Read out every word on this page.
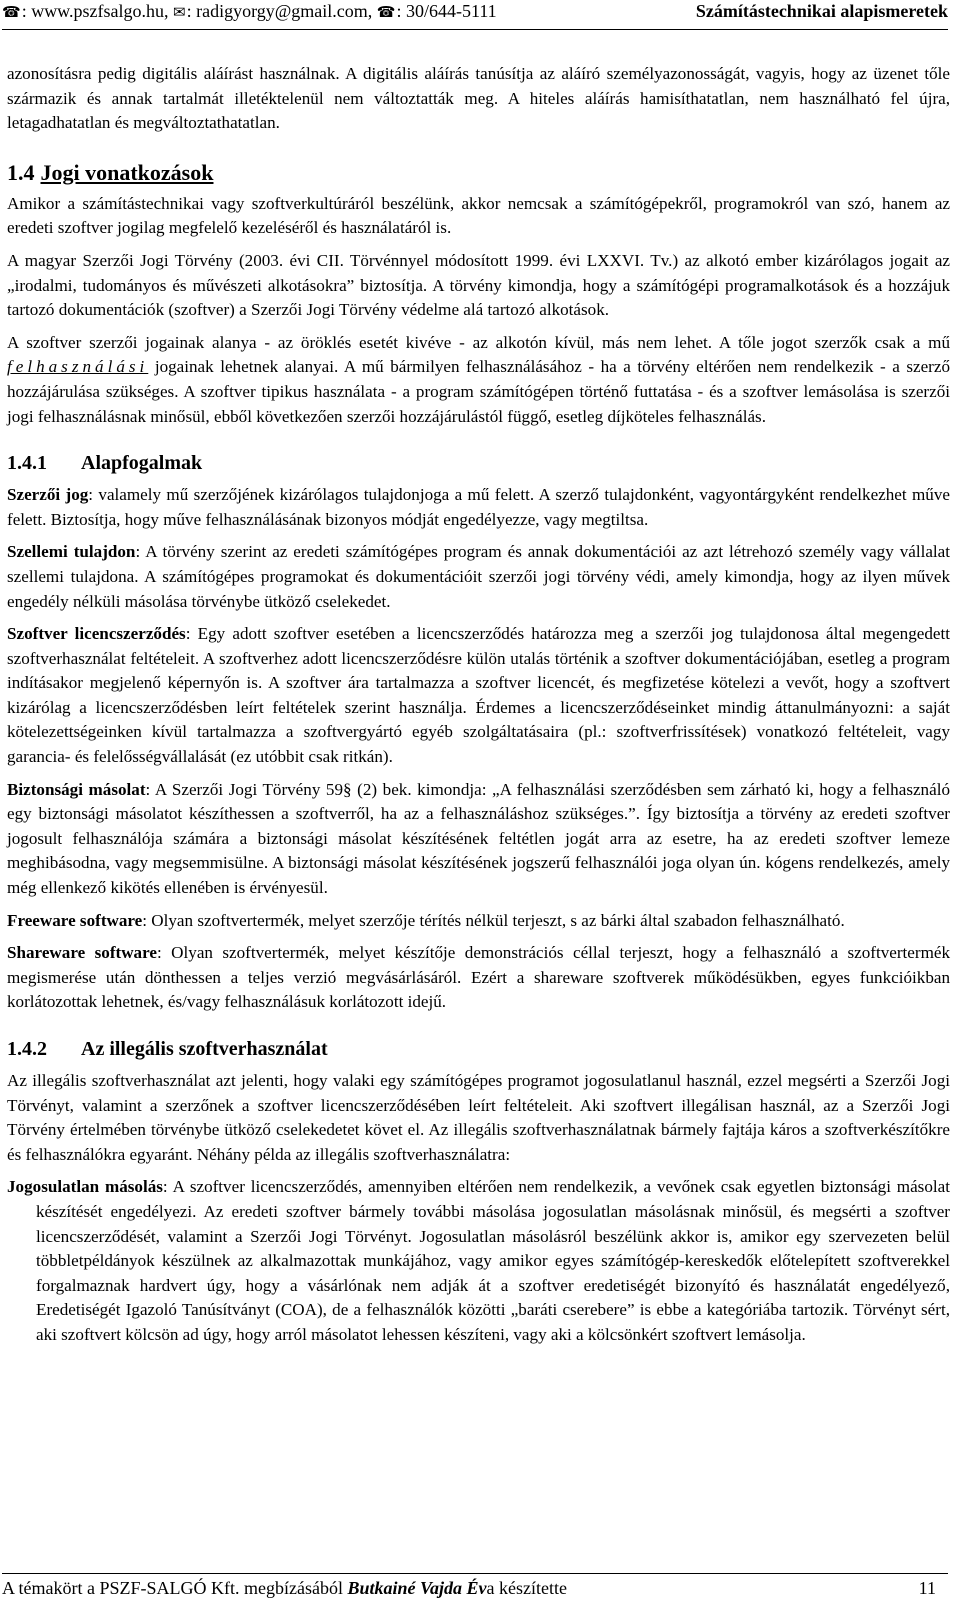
☎: www.pszfsalgo.hu, ✉: radigyorgy@gmail.com, ☎: 30/644-5111	Számítástechnikai alapismeretek

azonosításra pedig digitális aláírást használnak. A digitális aláírás tanúsítja az aláíró személyazonosságát, vagyis, hogy az üzenet tőle származik és annak tartalmát illetéktelenül nem változtatták meg. A hiteles aláírás hamisíthatatlan, nem használható fel újra, letagadhatatlan és megváltoztathatatlan.

1.4 Jogi vonatkozások

Amikor a számítástechnikai vagy szoftverkultúráról beszélünk, akkor nemcsak a számítógépekről, programokról van szó, hanem az eredeti szoftver jogilag megfelelő kezeléséről és használatáról is.

A magyar Szerzői Jogi Törvény (2003. évi CII. Törvénnyel módosított 1999. évi LXXVI. Tv.) az alkotó ember kizárólagos jogait az „irodalmi, tudományos és művészeti alkotásokra” biztosítja. A törvény kimondja, hogy a számítógépi programalkotások és a hozzájuk tartozó dokumentációk (szoftver) a Szerzői Jogi Törvény védelme alá tartozó alkotások.

A szoftver szerzői jogainak alanya - az öröklés esetét kivéve - az alkotón kívül, más nem lehet. A tőle jogot szerzők csak a mű felhasználási jogainak lehetnek alanyai. A mű bármilyen felhasználásához - ha a törvény eltérően nem rendelkezik - a szerző hozzájárulása szükséges. A szoftver tipikus használata - a program számítógépen történő futtatása - és a szoftver lemásolása is szerzői jogi felhasználásnak minősül, ebből következően szerzői hozzájárulástól függő, esetleg díjköteles felhasználás.

1.4.1 Alapfogalmak

Szerzői jog: valamely mű szerzőjének kizárólagos tulajdonjoga a mű felett. A szerző tulajdonként, vagyontárgyként rendelkezhet műve felett. Biztosítja, hogy műve felhasználásának bizonyos módját engedélyezze, vagy megtiltsa.

Szellemi tulajdon: A törvény szerint az eredeti számítógépes program és annak dokumentációi az azt létrehozó személy vagy vállalat szellemi tulajdona. A számítógépes programokat és dokumentációit szerzői jogi törvény védi, amely kimondja, hogy az ilyen művek engedély nélküli másolása törvénybe ütköző cselekedet.

Szoftver licencszerződés: Egy adott szoftver esetében a licencszerződés határozza meg a szerzői jog tulajdonosa által megengedett szoftverhasználat feltételeit. A szoftverhez adott licencszerződésre külön utalás történik a szoftver dokumentációjában, esetleg a program indításakor megjelenő képernyőn is. A szoftver ára tartalmazza a szoftver licencét, és megfizetése kötelezi a vevőt, hogy a szoftvert kizárólag a licencszerződésben leírt feltételek szerint használja. Érdemes a licencszerződéseinket mindig áttanulmányozni: a saját kötelezettségeinken kívül tartalmazza a szoftvergyártó egyéb szolgáltatásaira (pl.: szoftverfrissítések) vonatkozó feltételeit, vagy garancia- és felelősségvállalását (ez utóbbit csak ritkán).

Biztonsági másolat: A Szerzői Jogi Törvény 59§ (2) bek. kimondja: „A felhasználási szerződésben sem zárható ki, hogy a felhasználó egy biztonsági másolatot készíthessen a szoftverről, ha az a felhasználáshoz szükséges.”. Így biztosítja a törvény az eredeti szoftver jogosult felhasználója számára a biztonsági másolat készítésének feltétlen jogát arra az esetre, ha az eredeti szoftver lemeze meghibásodna, vagy megsemmisülne. A biztonsági másolat készítésének jogszerű felhasználói joga olyan ún. kógens rendelkezés, amely még ellenkező kikötés ellenében is érvényesül.

Freeware software: Olyan szoftvertermék, melyet szerzője térítés nélkül terjeszt, s az bárki által szabadon felhasználható.

Shareware software: Olyan szoftvertermék, melyet készítője demonstrációs céllal terjeszt, hogy a felhasználó a szoftvertermék megismerése után dönthessen a teljes verzió megvásárlásáról. Ezért a shareware szoftverek működésükben, egyes funkcióikban korlátozottak lehetnek, és/vagy felhasználásuk korlátozott idejű.

1.4.2 Az illegális szoftverhasználat

Az illegális szoftverhasználat azt jelenti, hogy valaki egy számítógépes programot jogosulatlanul használ, ezzel megsérti a Szerzői Jogi Törvényt, valamint a szerzőnek a szoftver licencszerződésében leírt feltételeit. Aki szoftvert illegálisan használ, az a Szerzői Jogi Törvény értelmében törvénybe ütköző cselekedetet követ el. Az illegális szoftverhasználatnak bármely fajtája káros a szoftverkészítőkre és felhasználókra egyaránt. Néhány példa az illegális szoftverhasználatra:

Jogosulatlan másolás: A szoftver licencszerződés, amennyiben eltérően nem rendelkezik, a vevőnek csak egyetlen biztonsági másolat készítését engedélyezi. Az eredeti szoftver bármely további másolása jogosulatlan másolásnak minősül, és megsérti a szoftver licencszerződését, valamint a Szerzői Jogi Törvényt. Jogosulatlan másolásról beszélünk akkor is, amikor egy szervezeten belül többletpéldányok készülnek az alkalmazottak munkájához, vagy amikor egyes számítógép-kereskedők előtelepített szoftverekkel forgalmaznak hardvert úgy, hogy a vásárlónak nem adják át a szoftver eredetiségét bizonyító és használatát engedélyező, Eredetiségét Igazoló Tanúsítványt (COA), de a felhasználók közötti „baráti cserebere” is ebbe a kategóriába tartozik. Törvényt sért, aki szoftvert kölcsön ad úgy, hogy arról másolatot lehessen készíteni, vagy aki a kölcsönkért szoftvert lemásolja.

A témakört a PSZF-SALGÓ Kft. megbízásából Butkainé Vajda Éva készítette	11
